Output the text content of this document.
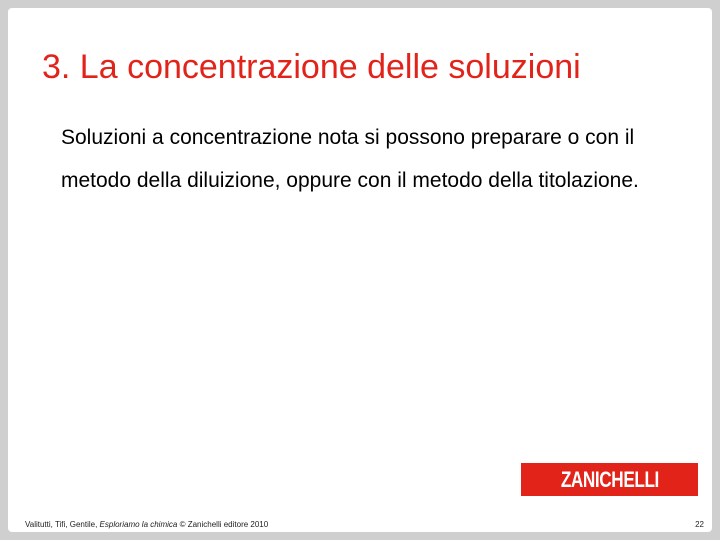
3. La concentrazione delle soluzioni

Soluzioni a concentrazione nota si possono preparare o con il metodo della diluizione, oppure con il metodo della titolazione.

ZANICHELLI
Valitutti, Tifi, Gentile, Esploriamo la chimica © Zanichelli editore 2010	22
